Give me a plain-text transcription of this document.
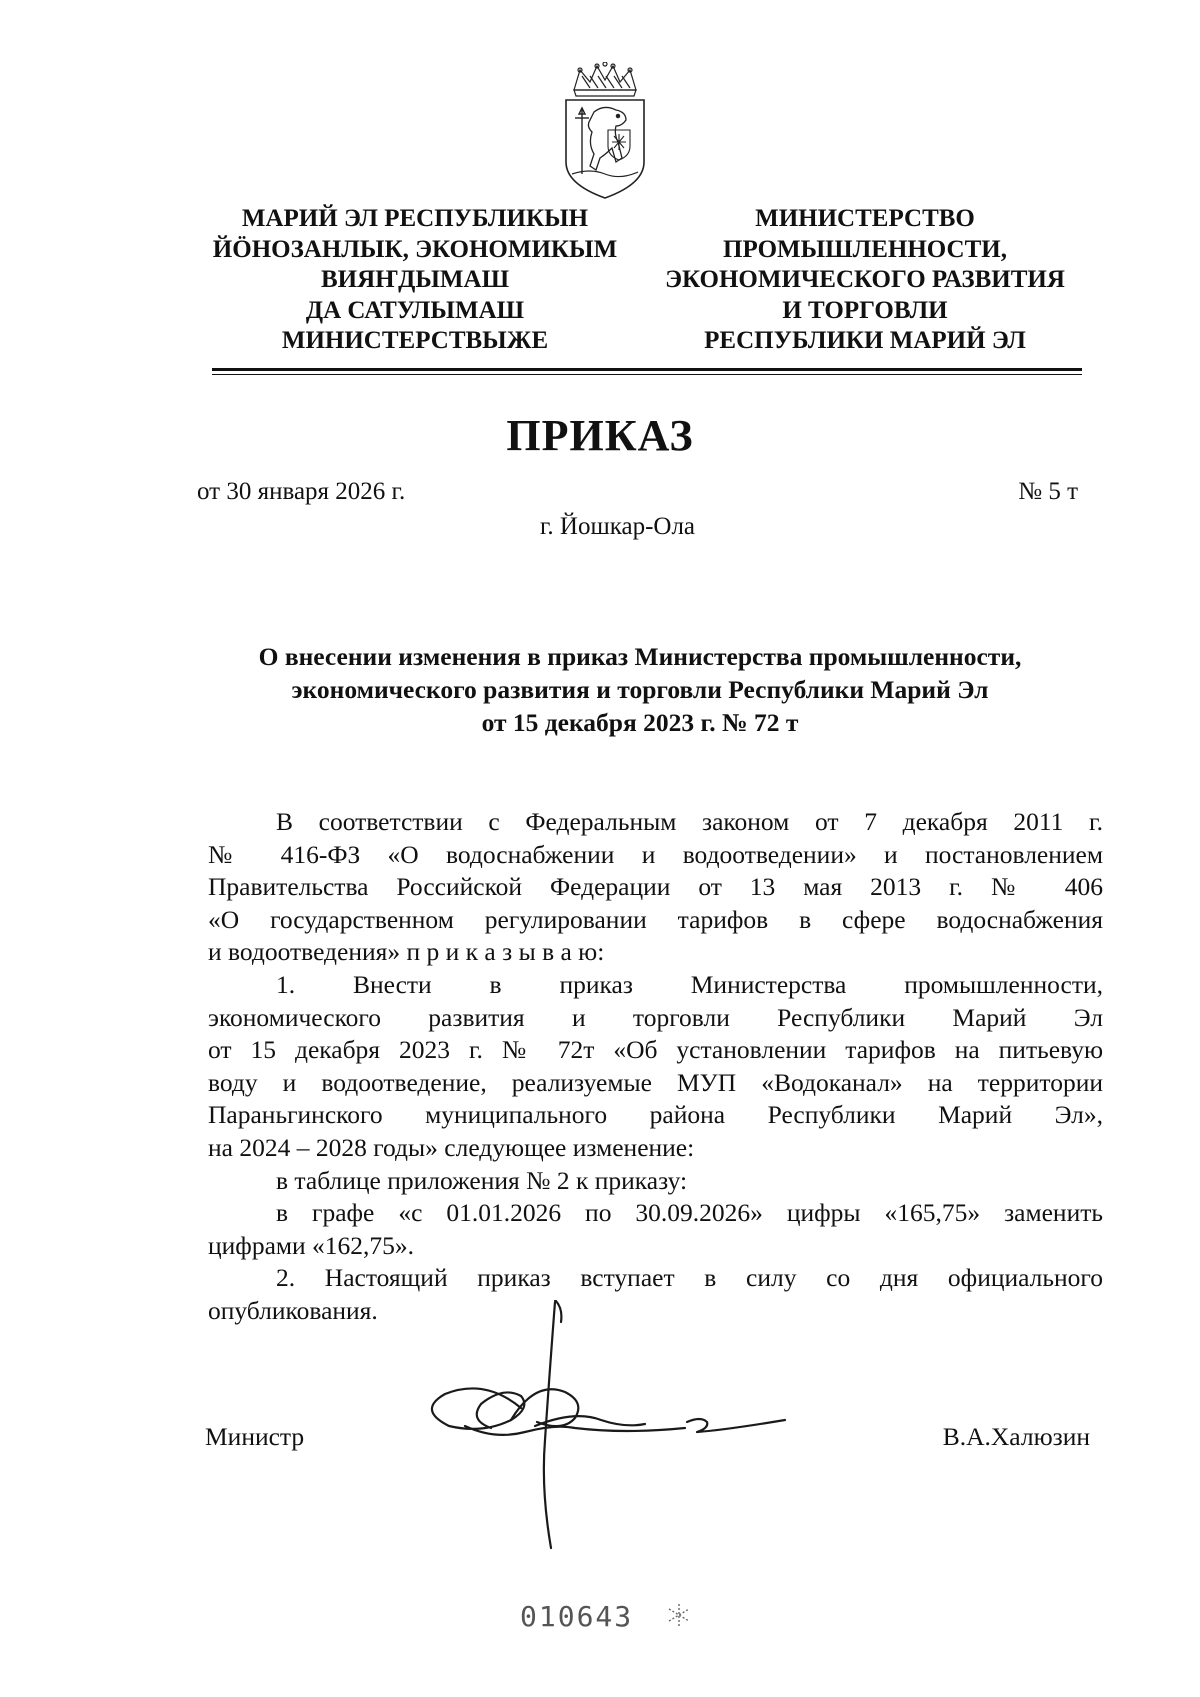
МАРИЙ ЭЛ РЕСПУБЛИКЫН
ЙӦНОЗАНЛЫК, ЭКОНОМИКЫМ
ВИЯҤДЫМАШ
ДА САТУЛЫМАШ
МИНИСТЕРСТВЫЖЕ
МИНИСТЕРСТВО
ПРОМЫШЛЕННОСТИ,
ЭКОНОМИЧЕСКОГО РАЗВИТИЯ
И ТОРГОВЛИ
РЕСПУБЛИКИ МАРИЙ ЭЛ
ПРИКАЗ
от 30 января 2026 г.	№ 5 т
г. Йошкар-Ола
О внесении изменения в приказ Министерства промышленности,
экономического развития и торговли Республики Марий Эл
от 15 декабря 2023 г. № 72 т
В соответствии с Федеральным законом от 7 декабря 2011 г.
№ 416-ФЗ «О водоснабжении и водоотведении» и постановлением
Правительства Российской Федерации от 13 мая 2013 г. № 406
«О государственном регулировании тарифов в сфере водоснабжения
и водоотведения» п р и к а з ы в а ю:
1. Внести в приказ Министерства промышленности,
экономического развития и торговли Республики Марий Эл
от 15 декабря 2023 г. № 72т «Об установлении тарифов на питьевую
воду и водоотведение, реализуемые МУП «Водоканал» на территории
Параньгинского муниципального района Республики Марий Эл»,
на 2024 – 2028 годы» следующее изменение:
в таблице приложения № 2 к приказу:
в графе «с 01.01.2026 по 30.09.2026» цифры «165,75» заменить
цифрами «162,75».
2. Настоящий приказ вступает в силу со дня официального
опубликования.
Министр	В.А.Халюзин
010643
